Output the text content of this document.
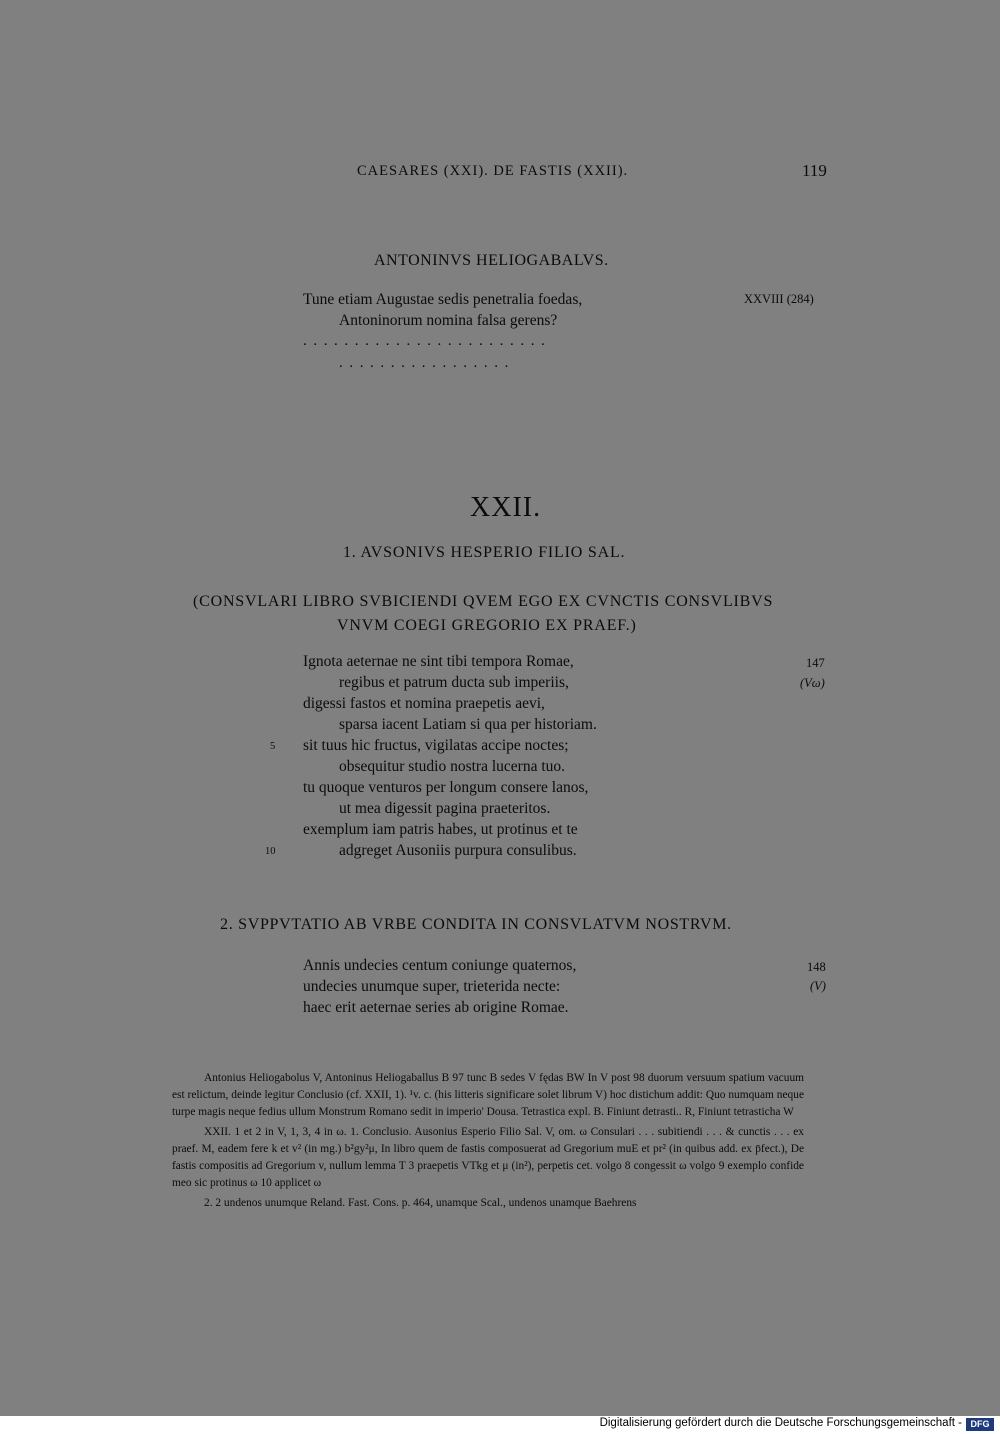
CAESARES (XXI). DE FASTIS (XXII).	119
ANTONINVS HELIOGABALVS.
Tune etiam Augustae sedis penetralia foedas,
Antoninorum nomina falsa gerens?
XXVIII (284)
........................
.................
XXII.
1. AVSONIVS HESPERIO FILIO SAL.
(CONSVLARI LIBRO SVBICIENDI QVEM EGO EX CVNCTIS CONSVLIBVS
VNVM COEGI GREGORIO EX PRAEF.)
147
(Vω)
Ignota aeternae ne sint tibi tempora Romae,
regibus et patrum ducta sub imperiis,
digessi fastos et nomina praepetis aevi,
sparsa iacent Latiam si qua per historiam.
sit tuus hic fructus, vigilatas accipe noctes;
obsequitur studio nostra lucerna tuo.
tu quoque venturos per longum consere lanos,
ut mea digessit pagina praeteritos.
exemplum iam patris habes, ut protinus et te
adgreget Ausoniis purpura consulibus.
5
10
2. SVPPVTATIO AB VRBE CONDITA IN CONSVLATVM NOSTRVM.
Annis undecies centum coniunge quaternos,
undecies unumque super, trieterida necte:
haec erit aeternae series ab origine Romae.
148
(V)

Antonius Heliogabolus V, Antoninus Heliogaballus B 97 tunc B sedes V fędas BW In V post 98 duorum versuum spatium vacuum est relictum, deinde legitur Conclusio (cf. XXII, 1). ¹v. c. (his litteris significare solet librum V) hoc distichum addit: Quo numquam neque turpe magis neque fedius ullum Monstrum Romano sedit in imperio' Dousa. Tetrastica expl. B. Finiunt detrasti.. R, Finiunt tetrasticha W

XXII. 1 et 2 in V, 1, 3, 4 in ω. 1. Conclusio. Ausonius Esperio Filio Sal. V, om. ω Consulari . . . subitiendi . . . & cunctis . . . ex praef. M, eadem fere k et v² (in mg.) b²gy²μ, In libro quem de fastis composuerat ad Gregorium muE et pr² (in quibus add. ex p̄fect.), De fastis compositis ad Gregorium v, nullum lemma T 3 praepetis VTkg et μ (in²), perpetis cet. volgo 8 congessit ω volgo 9 exemplo confide meo sic protinus ω 10 applicet ω

2. 2 undenos unumque Reland. Fast. Cons. p. 464, unamque Scal., undenos unamque Baehrens

Digitalisierung gefördert durch die Deutsche Forschungsgemeinschaft - DFG
